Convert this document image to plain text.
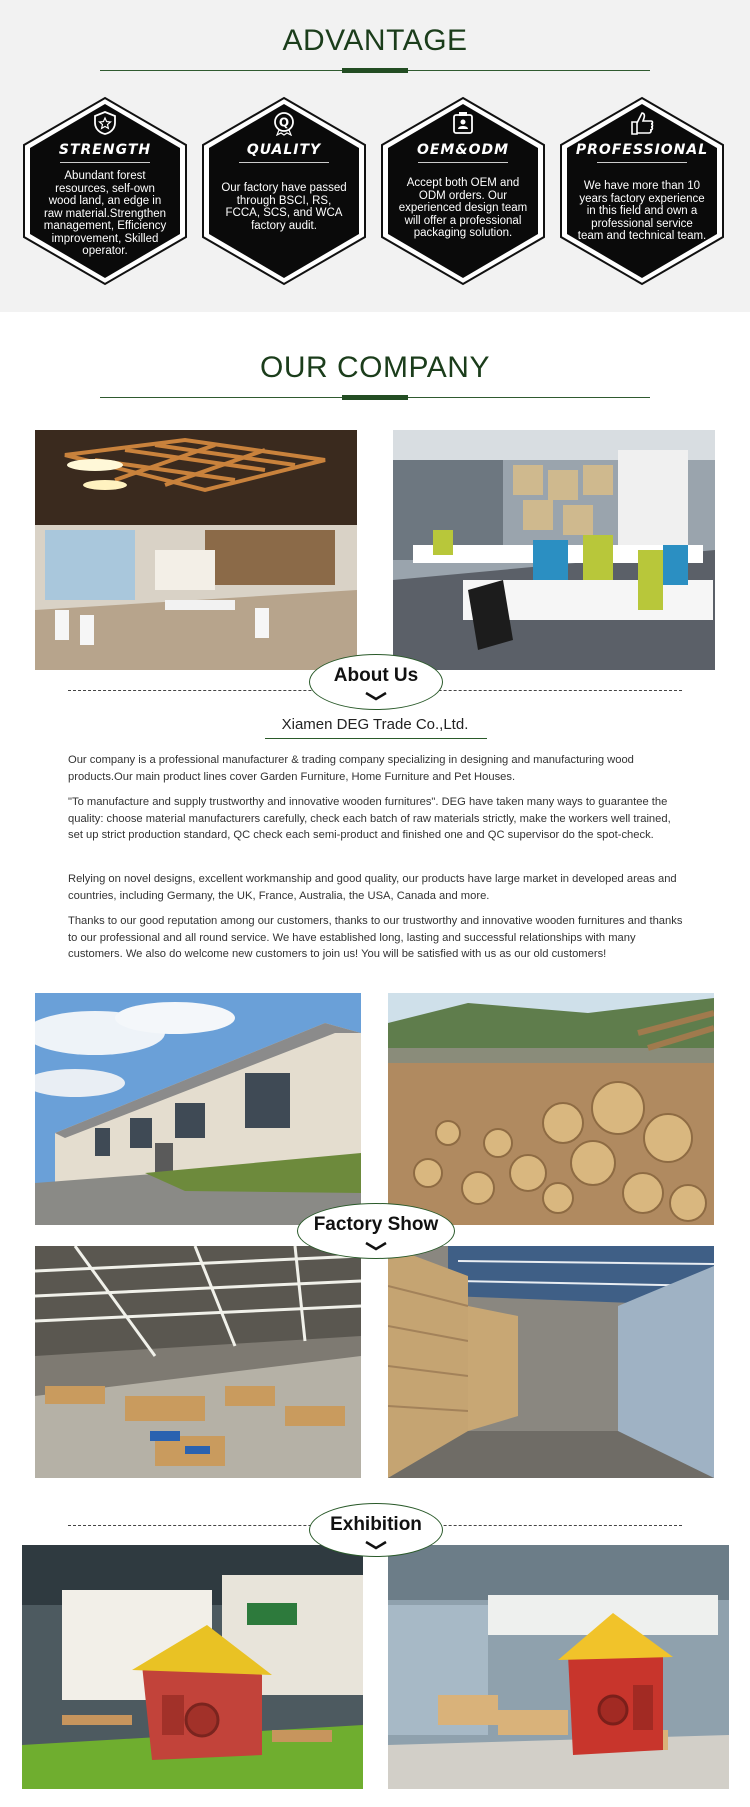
ADVANTAGE
STRENGTH
Abundant forest resources, self-own wood land, an edge in raw material.Strengthen management, Efficiency improvement, Skilled operator.
Q
QUALITY
Our factory have passed through BSCI, RS, FCCA, SCS, and WCA factory audit.
OEM&ODM
Accept both OEM and ODM orders. Our experienced design team will offer a professional packaging solution.
PROFESSIONAL
We have more than 10 years factory experience in this field and own a professional service team and technical team.
OUR COMPANY
About Us
Xiamen DEG Trade Co.,Ltd.

Our company is a professional manufacturer & trading company specializing in designing and manufacturing wood products.Our main product lines cover Garden Furniture, Home Furniture and Pet Houses.

"To manufacture and supply trustworthy and innovative wooden furnitures". DEG have taken many ways to guarantee the quality: choose material manufacturers carefully, check each batch of raw materials strictly, make the workers well trained, set up strict production standard, QC check each semi-product and finished one and QC supervisor do the spot-check.

Relying on novel designs, excellent workmanship and good quality, our products have large market in developed areas and countries, including Germany, the UK, France, Australia, the USA, Canada and more.

Thanks to our good reputation among our customers, thanks to our trustworthy and innovative wooden furnitures and thanks to our professional and all round service. We have established long, lasting and successful relationships with many customers. We also do welcome new customers to join us! You will be satisfied with us as our old customers!

Factory Show
Exhibition
